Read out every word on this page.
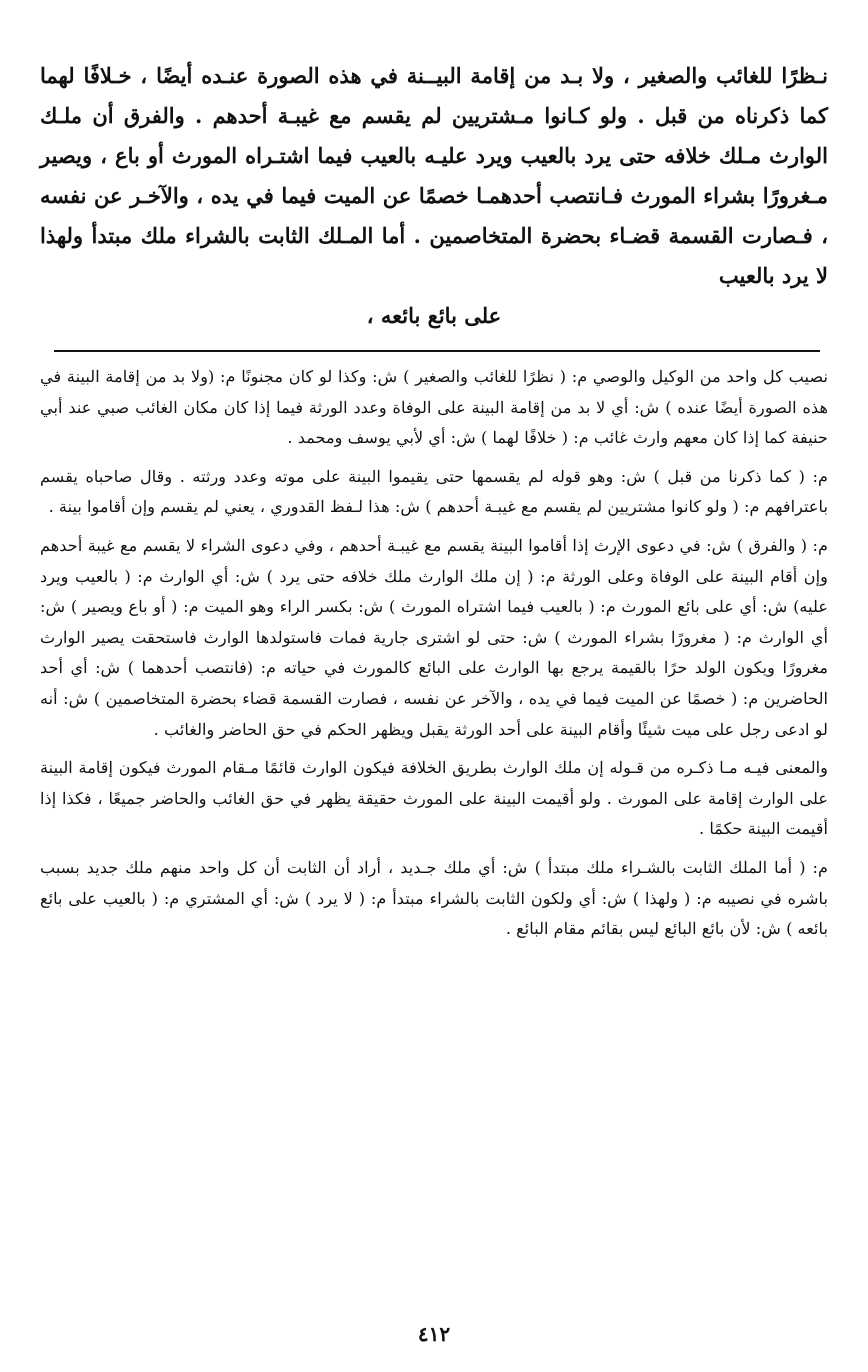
نـظرًا للغائب والصغير ، ولا بـد من إقامة البيــنة في هذه الصورة عنـده أيضًا ، خـلافًا لهما كما ذكرناه من قبل . ولو كـانوا مـشتريين لم يقسم مع غيبـة أحدهم . والفرق أن ملـك الوارث مـلك خلافه حتى يرد بالعيب ويرد عليـه بالعيب فيما اشتـراه المورث أو باع ، ويصير مـغرورًا بشراء المورث فـانتصب أحدهمـا خصمًا عن الميت فيما في يده ، والآخـر عن نفسه ، فـصارت القسمة قضـاء بحضرة المتخاصمين . أما المـلك الثابت بالشراء ملك مبتدأ ولهذا لا يرد بالعيب

على بائع بائعه ،

نصيب كل واحد من الوكيل والوصي م: ( نظرًا للغائب والصغير ) ش: وكذا لو كان مجنونًا م: (ولا بد من إقامة البينة في هذه الصورة أيضًا عنده ) ش: أي لا بد من إقامة البينة على الوفاة وعدد الورثة فيما إذا كان مكان الغائب صبي عند أبي حنيفة كما إذا كان معهم وارث غائب م: ( خلافًا لهما ) ش: أي لأبي يوسف ومحمد .

م: ( كما ذكرنا من قبل ) ش: وهو قوله لم يقسمها حتى يقيموا البينة على موته وعدد ورثته . وقال صاحباه يقسم باعترافهم م: ( ولو كانوا مشتريين لم يقسم مع غيبـة أحدهم ) ش: هذا لـفظ القدوري ، يعني لم يقسم وإن أقاموا بينة .

م: ( والفرق ) ش: في دعوى الإرث إذا أقاموا البينة يقسم مع غيبـة أحدهم ، وفي دعوى الشراء لا يقسم مع غيبة أحدهم وإن أقام البينة على الوفاة وعلى الورثة م: ( إن ملك الوارث ملك خلافه حتى يرد ) ش: أي الوارث م: ( بالعيب ويرد عليه) ش: أي على بائع المورث م: ( بالعيب فيما اشتراه المورث ) ش: بكسر الراء وهو الميت م: ( أو باع ويصير ) ش: أي الوارث م: ( مغرورًا بشراء المورث ) ش: حتى لو اشترى جارية فمات فاستولدها الوارث فاستحقت يصير الوارث مغرورًا ويكون الولد حرًا بالقيمة يرجع بها الوارث على البائع كالمورث في حياته م: (فانتصب أحدهما ) ش: أي أحد الحاضرين م: ( خصمًا عن الميت فيما في يده ، والآخر عن نفسه ، فصارت القسمة قضاء بحضرة المتخاصمين ) ش: أنه لو ادعى رجل على ميت شيئًا وأقام البينة على أحد الورثة يقبل ويظهر الحكم في حق الحاضر والغائب .

والمعنى فيـه مـا ذكـره من قـوله إن ملك الوارث بطريق الخلافة فيكون الوارث قائمًا مـقام المورث فيكون إقامة البينة على الوارث إقامة على المورث . ولو أقيمت البينة على المورث حقيقة يظهر في حق الغائب والحاضر جميعًا ، فكذا إذا أقيمت البينة حكمًا .

م: ( أما الملك الثابت بالشـراء ملك مبتدأ ) ش: أي ملك جـديد ، أراد أن الثابت أن كل واحد منهم ملك جديد بسبب باشره في نصيبه م: ( ولهذا ) ش: أي ولكون الثابت بالشراء مبتدأ م: ( لا يرد ) ش: أي المشتري م: ( بالعيب على بائع بائعه ) ش: لأن بائع البائع ليس بقائم مقام البائع .

٤١٢
